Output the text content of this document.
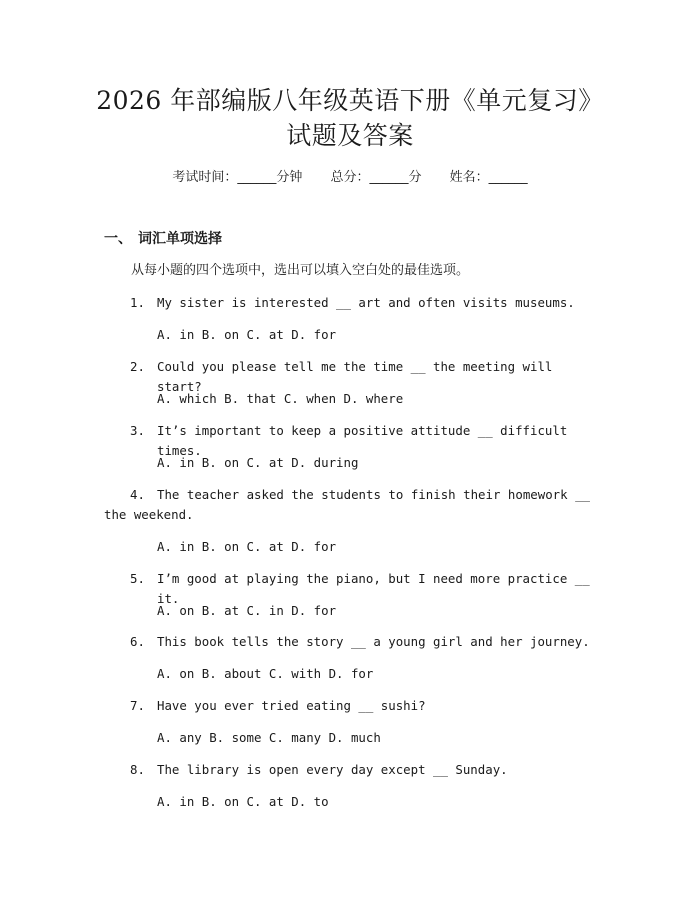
2026 年部编版八年级英语下册《单元复习》
试题及答案
考试时间：______分钟 总分：______分 姓名：______
一、 词汇单项选择
从每小题的四个选项中，选出可以填入空白处的最佳选项。
1. My sister is interested __ art and often visits museums.
A. in B. on C. at D. for
2. Could you please tell me the time __ the meeting will start?
A. which B. that C. when D. where
3. It’s important to keep a positive attitude __ difficult times.
A. in B. on C. at D. during
4. The teacher asked the students to finish their homework __ the weekend.
A. in B. on C. at D. for
5. I’m good at playing the piano, but I need more practice __ it.
A. on B. at C. in D. for
6. This book tells the story __ a young girl and her journey.
A. on B. about C. with D. for
7. Have you ever tried eating __ sushi?
A. any B. some C. many D. much
8. The library is open every day except __ Sunday.
A. in B. on C. at D. to
